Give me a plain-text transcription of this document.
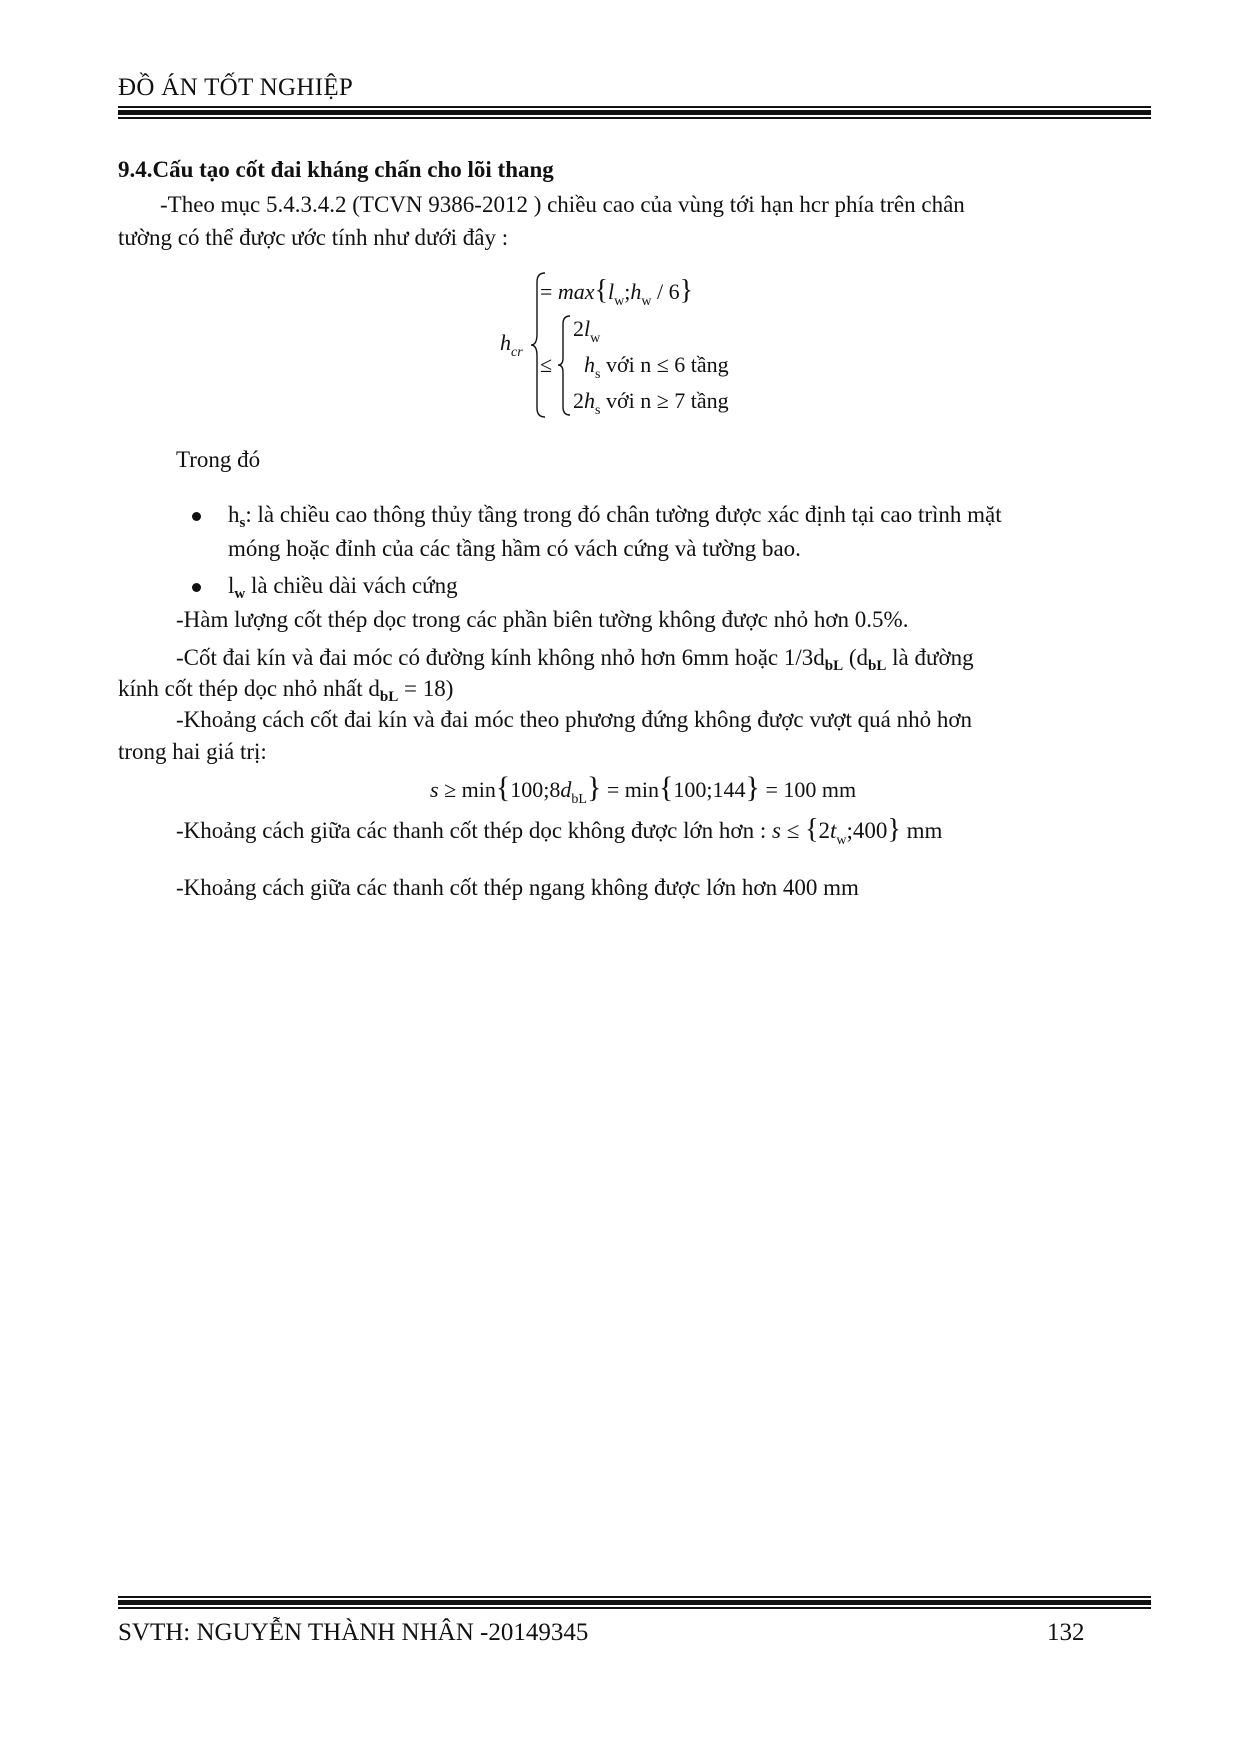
ĐỒ ÁN TỐT NGHIỆP
9.4.Cấu tạo cốt đai kháng chấn cho lõi thang
-Theo mục 5.4.3.4.2 (TCVN 9386-2012 ) chiều cao của vùng tới hạn hcr phía trên chân
tường có thể được ước tính như dưới đây :
$h_{cr}$
= $\max\{l_w;h_w / 6\}$
≤
$2l_w$
$h_s$ với n ≤ 6 tầng
$2h_s$ với n ≥ 7 tầng
Trong đó
$h_s$: là chiều cao thông thủy tầng trong đó chân tường được xác định tại cao trình mặt
móng hoặc đỉnh của các tầng hầm có vách cứng và tường bao.
$l_w$ là chiều dài vách cứng
-Hàm lượng cốt thép dọc trong các phần biên tường không được nhỏ hơn 0.5%.
-Cốt đai kín và đai móc có đường kính không nhỏ hơn 6mm hoặc $1/3d_{bL}$ ($d_{bL}$ là đường
kính cốt thép dọc nhỏ nhất $d_{bL} = 18$)
-Khoảng cách cốt đai kín và đai móc theo phương đứng không được vượt quá nhỏ hơn
trong hai giá trị:
$s \ge \min\{100;8d_{bL}\}$ = min{100;144} = 100 mm
-Khoảng cách giữa các thanh cốt thép dọc không được lớn hơn : $s \le \{2t_w;400\}$ mm
-Khoảng cách giữa các thanh cốt thép ngang không được lớn hơn 400 mm
SVTH: NGUYỄN THÀNH NHÂN -20149345	132
